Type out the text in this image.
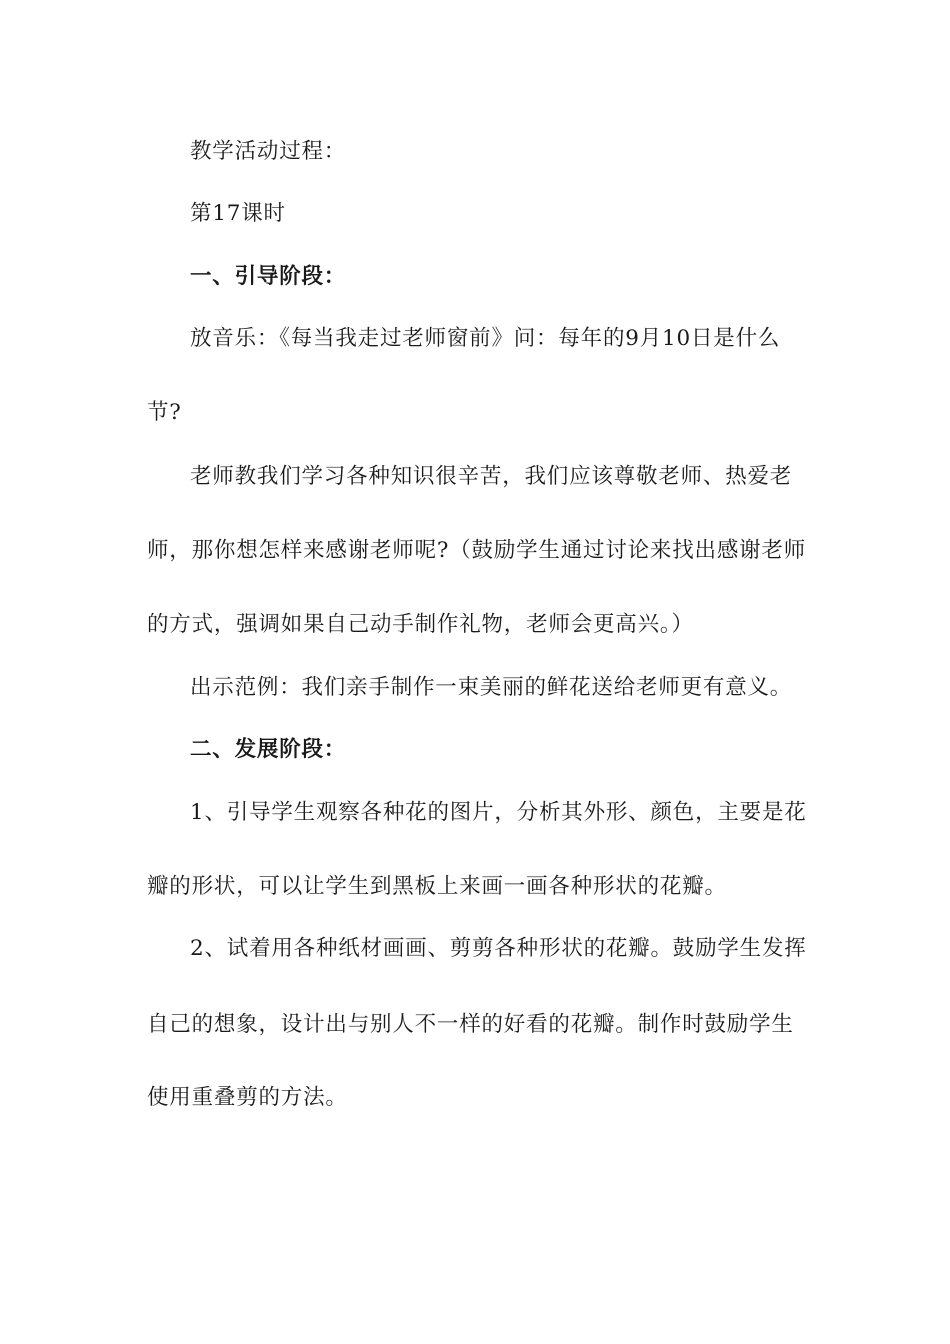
教学活动过程：
第17课时
一、引导阶段：
放音乐：《每当我走过老师窗前》问：每年的9月10日是什么
节?
老师教我们学习各种知识很辛苦，我们应该尊敬老师、热爱老
师，那你想怎样来感谢老师呢?（鼓励学生通过讨论来找出感谢老师
的方式，强调如果自己动手制作礼物，老师会更高兴。）
出示范例：我们亲手制作一束美丽的鲜花送给老师更有意义。
二、发展阶段：
1、引导学生观察各种花的图片，分析其外形、颜色，主要是花
瓣的形状，可以让学生到黑板上来画一画各种形状的花瓣。
2、试着用各种纸材画画、剪剪各种形状的花瓣。鼓励学生发挥
自己的想象，设计出与别人不一样的好看的花瓣。制作时鼓励学生
使用重叠剪的方法。
